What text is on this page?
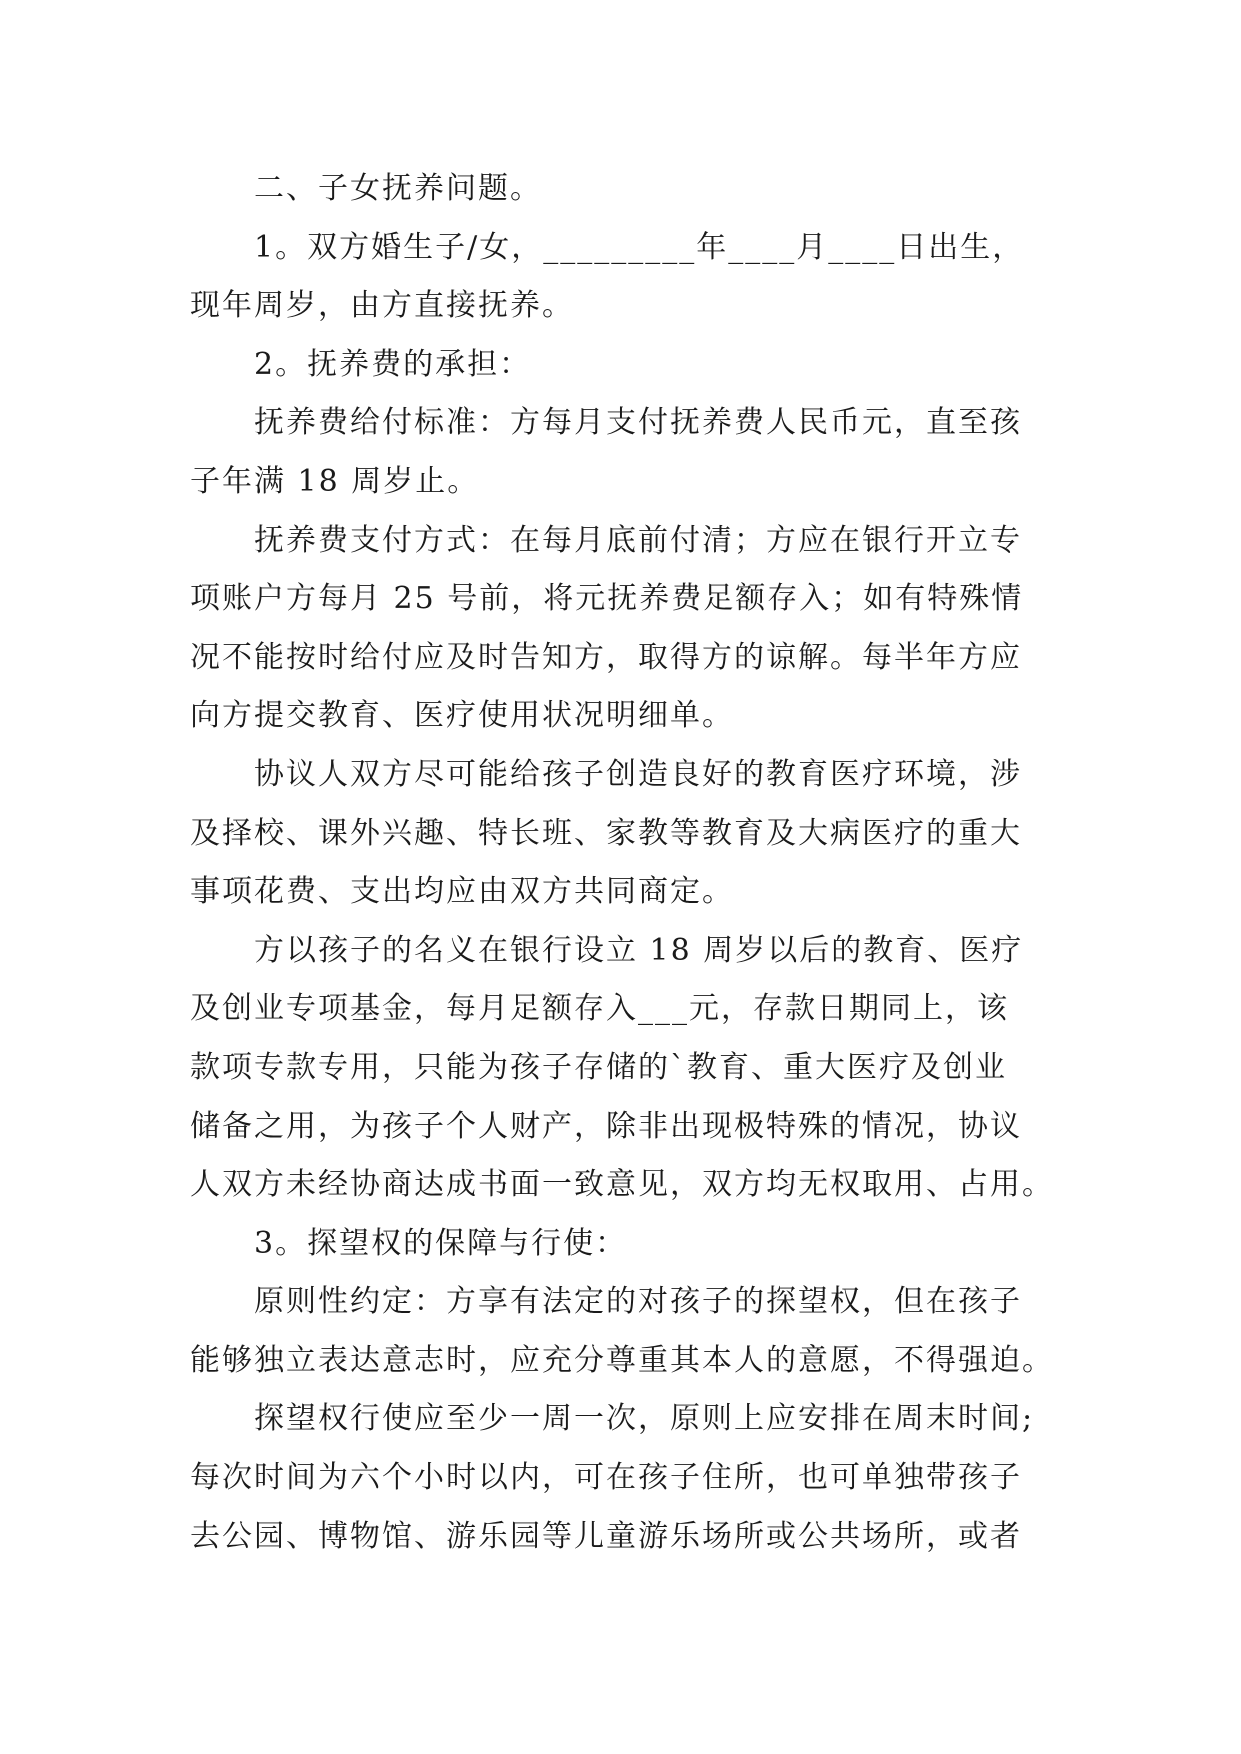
二、子女抚养问题。

1。双方婚生子/女，_________年____月____日出生，
现年周岁，由方直接抚养。

2。抚养费的承担：

抚养费给付标准：方每月支付抚养费人民币元，直至孩
子年满 18 周岁止。

抚养费支付方式：在每月底前付清；方应在银行开立专
项账户方每月 25 号前，将元抚养费足额存入；如有特殊情
况不能按时给付应及时告知方，取得方的谅解。每半年方应
向方提交教育、医疗使用状况明细单。

协议人双方尽可能给孩子创造良好的教育医疗环境，涉
及择校、课外兴趣、特长班、家教等教育及大病医疗的重大
事项花费、支出均应由双方共同商定。

方以孩子的名义在银行设立 18 周岁以后的教育、医疗
及创业专项基金，每月足额存入___元，存款日期同上，该
款项专款专用，只能为孩子存储的`教育、重大医疗及创业
储备之用，为孩子个人财产，除非出现极特殊的情况，协议
人双方未经协商达成书面一致意见，双方均无权取用、占用。

3。探望权的保障与行使：

原则性约定：方享有法定的对孩子的探望权，但在孩子
能够独立表达意志时，应充分尊重其本人的意愿，不得强迫。

探望权行使应至少一周一次，原则上应安排在周末时间;
每次时间为六个小时以内，可在孩子住所，也可单独带孩子
去公园、博物馆、游乐园等儿童游乐场所或公共场所，或者
